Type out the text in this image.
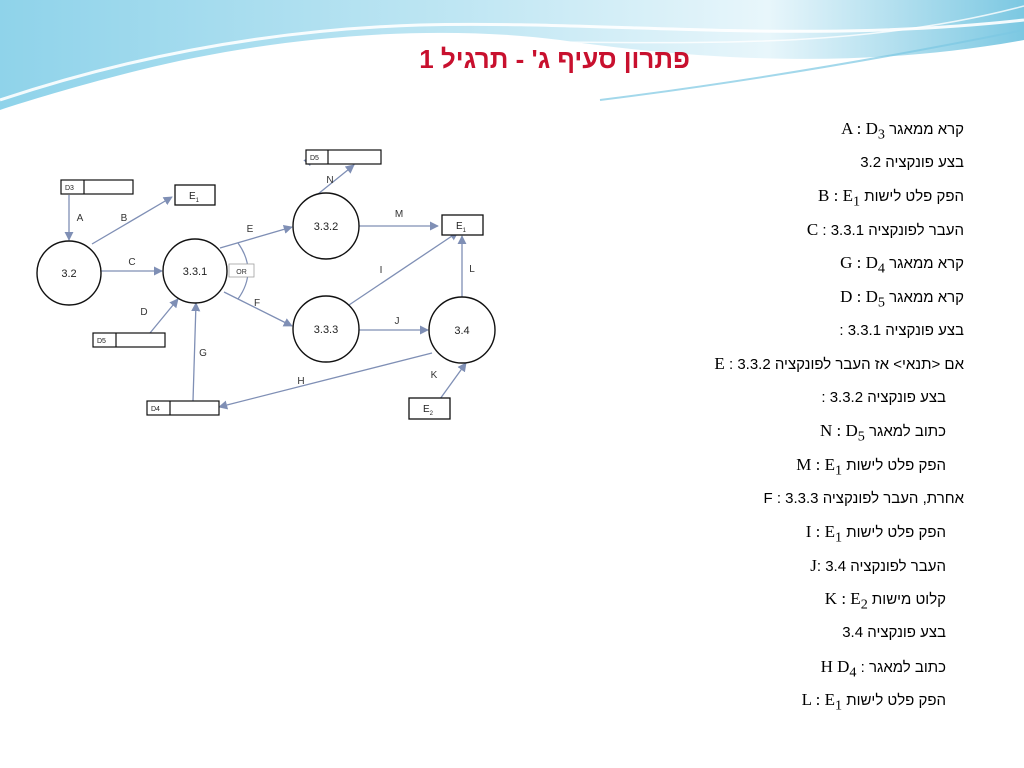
פתרון סעיף ג' - תרגיל 1
OR
3.2	3.3.1
3.3.2
3.3.3	3.4
D3
D5
D5
D4
$E_1$
$E_1$
$E_2$
A	B
C
D
E
F
G
H
I
J
K
L
M
N
קרא ממאגר A : $D_3$
בצע פונקציה 3.2
הפק פלט לישות B : $E_1$
העבר לפונקציה 3.3.1 : C
קרא ממאגר G : $D_4$
קרא ממאגר D : $D_5$
בצע פונקציה 3.3.1 :
אם <תנאי> אז העבר לפונקציה 3.3.2 : E
בצע פונקציה 3.3.2 :
כתוב למאגר N : $D_5$
הפק פלט לישות M : $E_1$
אחרת, העבר לפונקציה F : 3.3.3
הפק פלט לישות I : $E_1$
העבר לפונקציה 3.4 :J
קלוט מישות K : $E_2$
בצע פונקציה 3.4
כתוב למאגר : H $D_4$
הפק פלט לישות L : $E_1$
